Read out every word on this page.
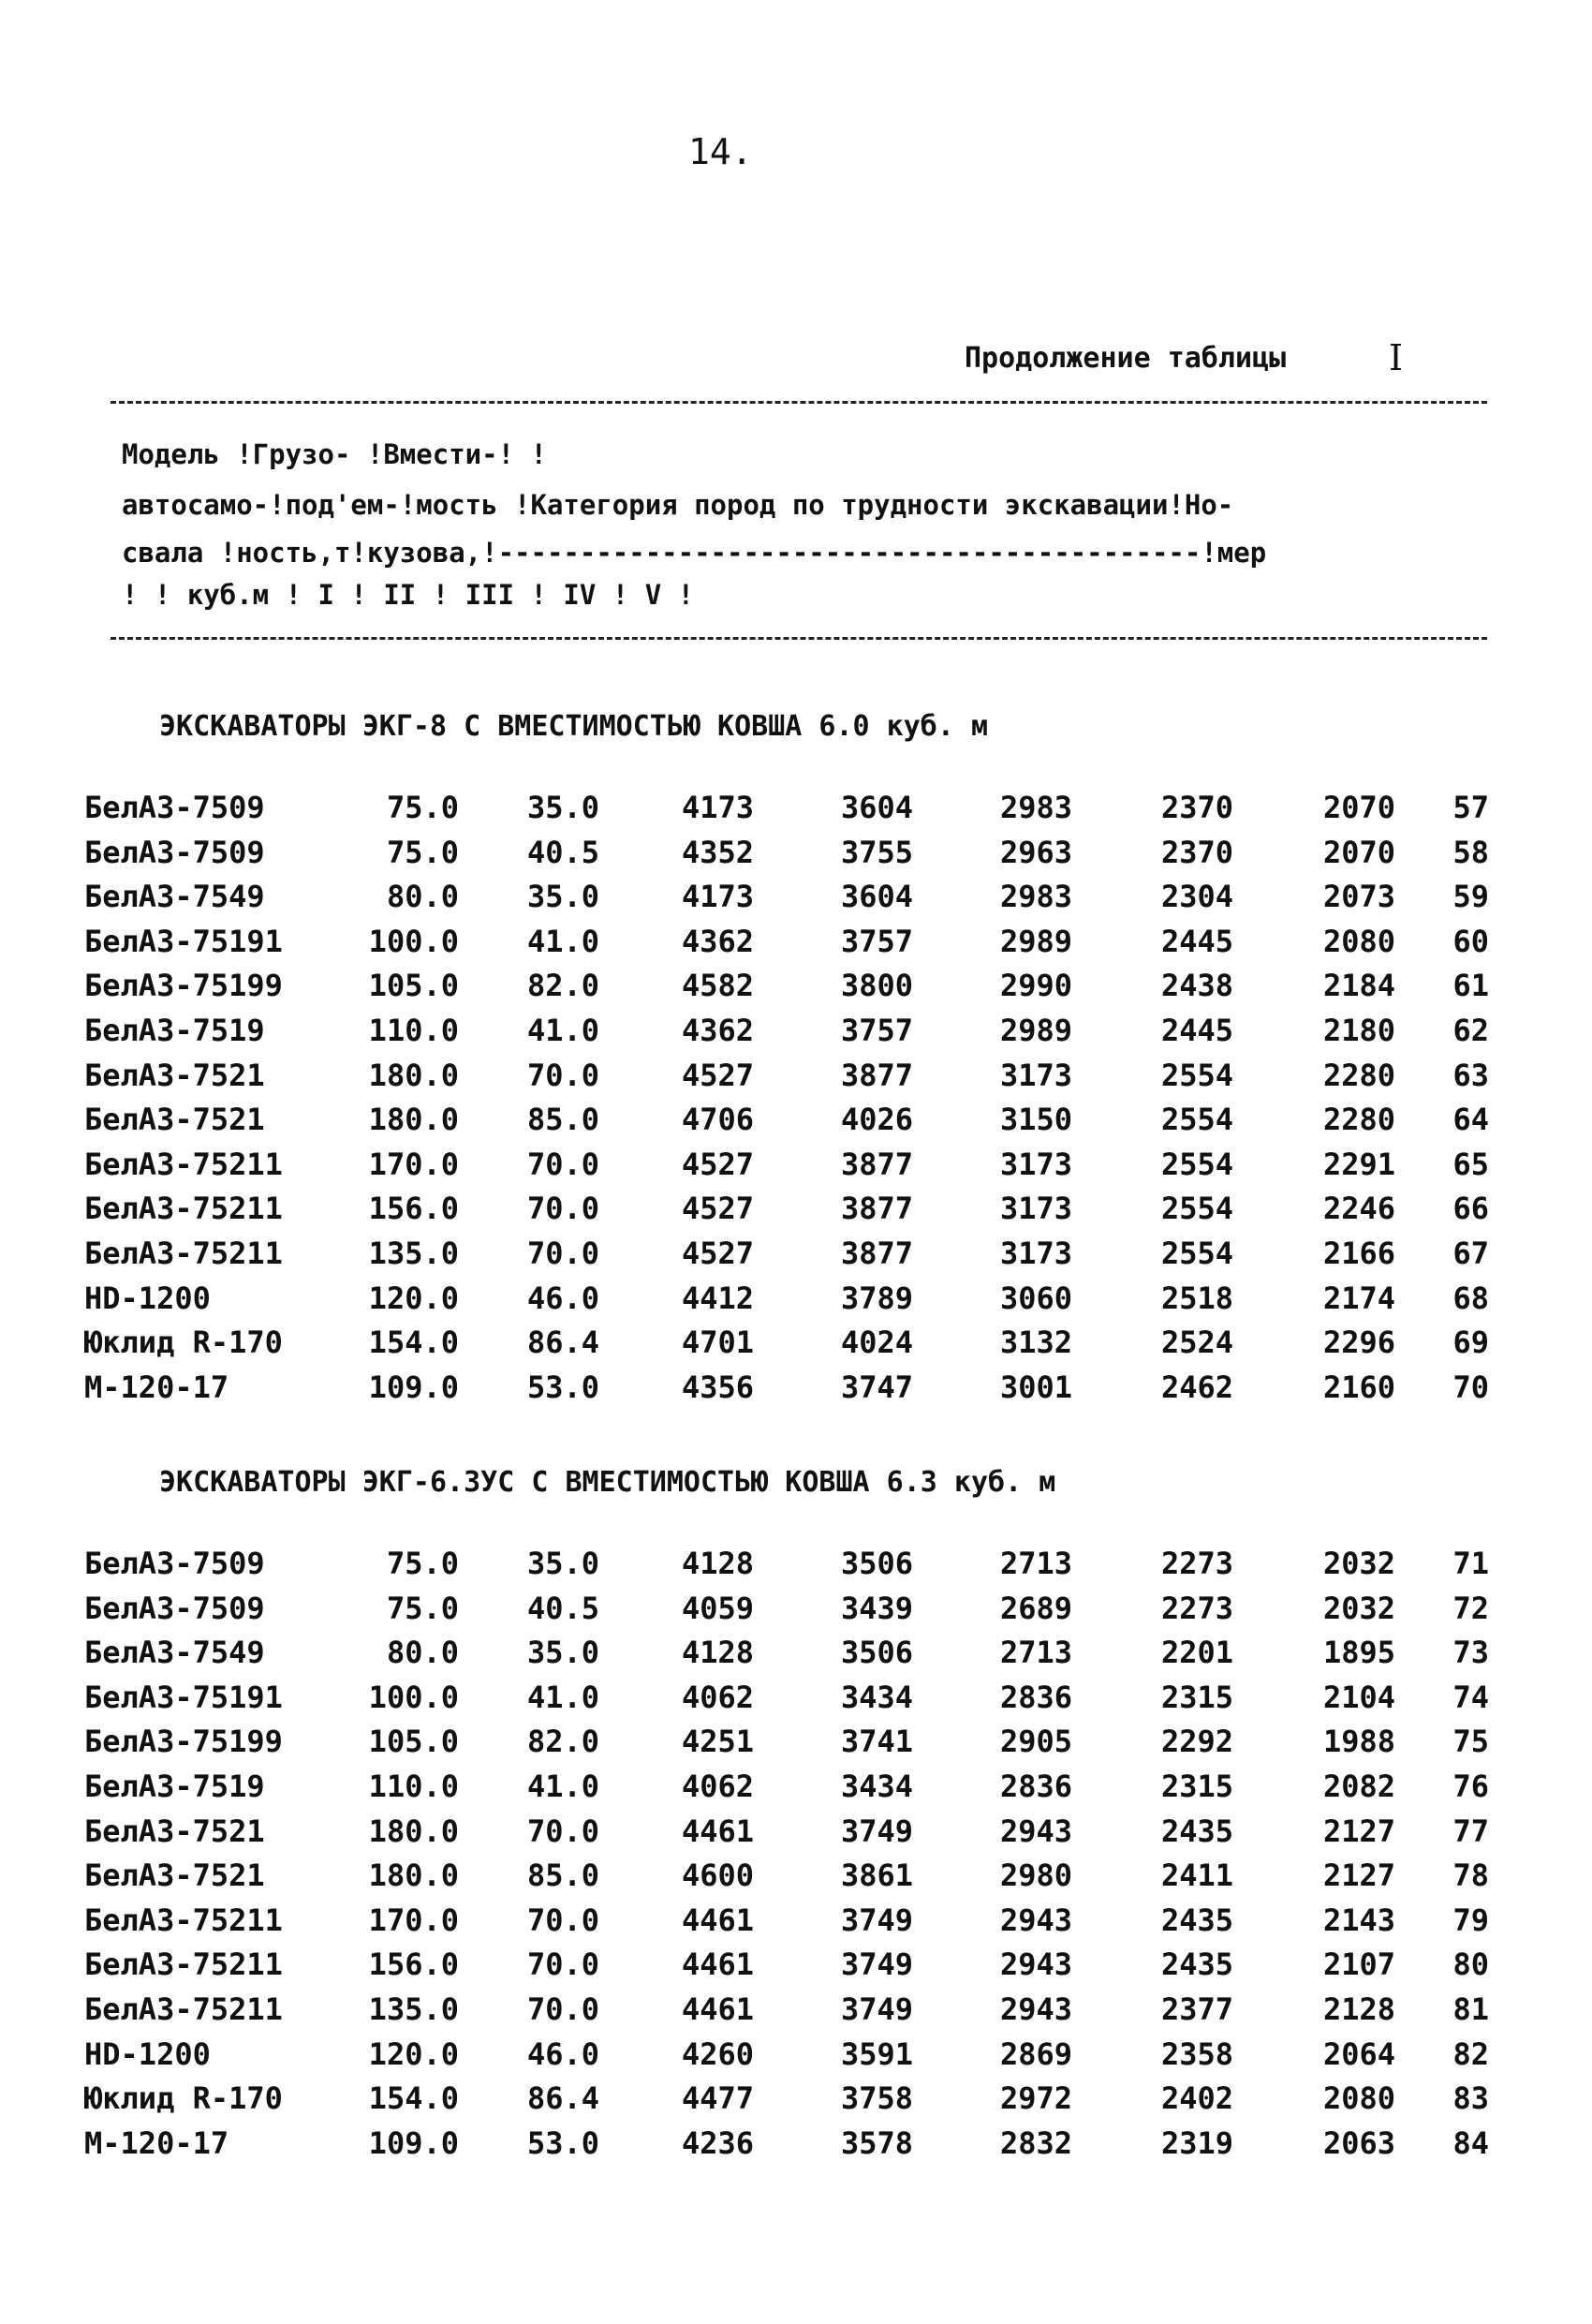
14.
Продолжение таблицы	I
Модель !Грузо- !Вмести-! !
автосамо-!под'ем-!мость !Категория пород по трудности экскавации!Но-
свала !ность,т!кузова,!-------------------------------------------!мер
! ! куб.м ! I ! II ! III ! IV ! V !
ЭКСКАВАТОРЫ ЭКГ-8 С ВМЕСТИМОСТЬЮ КОВША 6.0 куб. м
БелАЗ-7509	75.0	35.0	4173	3604	2983	2370	2070	57
БелАЗ-7509	75.0	40.5	4352	3755	2963	2370	2070	58
БелАЗ-7549	80.0	35.0	4173	3604	2983	2304	2073	59
БелАЗ-75191	100.0	41.0	4362	3757	2989	2445	2080	60
БелАЗ-75199	105.0	82.0	4582	3800	2990	2438	2184	61
БелАЗ-7519	110.0	41.0	4362	3757	2989	2445	2180	62
БелАЗ-7521	180.0	70.0	4527	3877	3173	2554	2280	63
БелАЗ-7521	180.0	85.0	4706	4026	3150	2554	2280	64
БелАЗ-75211	170.0	70.0	4527	3877	3173	2554	2291	65
БелАЗ-75211	156.0	70.0	4527	3877	3173	2554	2246	66
БелАЗ-75211	135.0	70.0	4527	3877	3173	2554	2166	67
HD-1200	120.0	46.0	4412	3789	3060	2518	2174	68
Юклид R-170	154.0	86.4	4701	4024	3132	2524	2296	69
М-120-17	109.0	53.0	4356	3747	3001	2462	2160	70
ЭКСКАВАТОРЫ ЭКГ-6.3УС С ВМЕСТИМОСТЬЮ КОВША 6.3 куб. м
БелАЗ-7509	75.0	35.0	4128	3506	2713	2273	2032	71
БелАЗ-7509	75.0	40.5	4059	3439	2689	2273	2032	72
БелАЗ-7549	80.0	35.0	4128	3506	2713	2201	1895	73
БелАЗ-75191	100.0	41.0	4062	3434	2836	2315	2104	74
БелАЗ-75199	105.0	82.0	4251	3741	2905	2292	1988	75
БелАЗ-7519	110.0	41.0	4062	3434	2836	2315	2082	76
БелАЗ-7521	180.0	70.0	4461	3749	2943	2435	2127	77
БелАЗ-7521	180.0	85.0	4600	3861	2980	2411	2127	78
БелАЗ-75211	170.0	70.0	4461	3749	2943	2435	2143	79
БелАЗ-75211	156.0	70.0	4461	3749	2943	2435	2107	80
БелАЗ-75211	135.0	70.0	4461	3749	2943	2377	2128	81
HD-1200	120.0	46.0	4260	3591	2869	2358	2064	82
Юклид R-170	154.0	86.4	4477	3758	2972	2402	2080	83
М-120-17	109.0	53.0	4236	3578	2832	2319	2063	84
